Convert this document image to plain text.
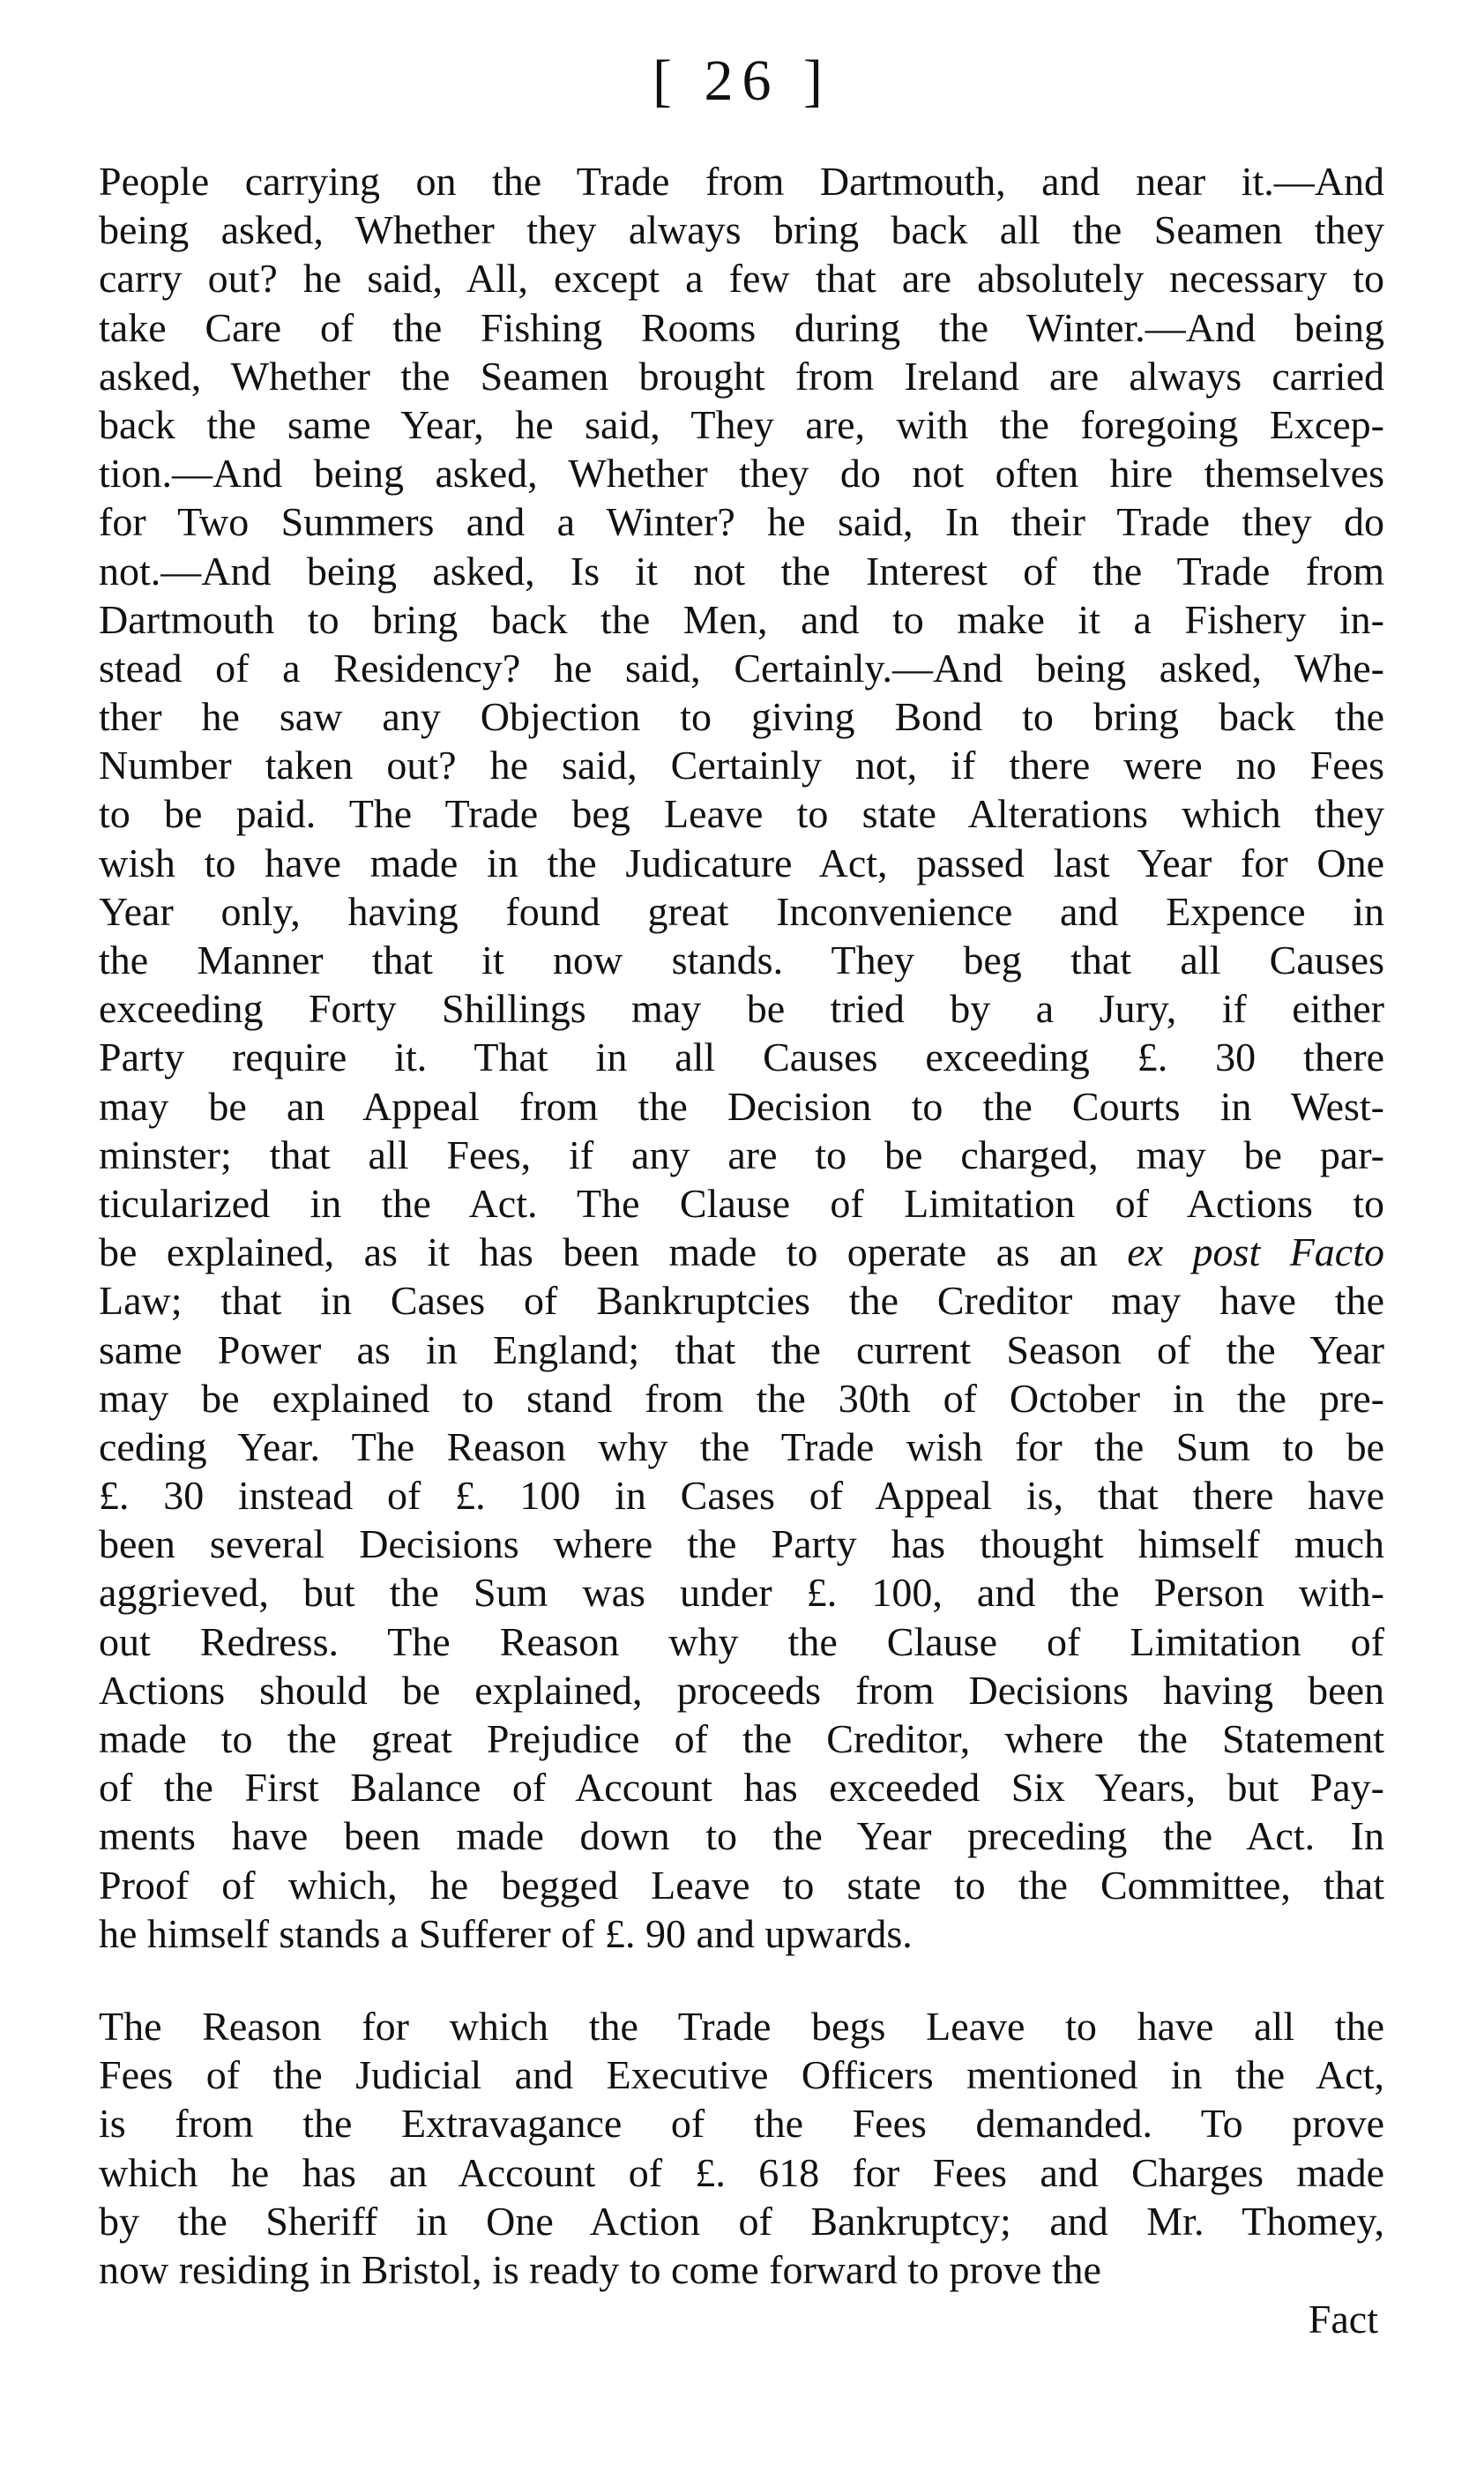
[ 26 ]
People carrying on the Trade from Dartmouth, and near it.—And
being asked, Whether they always bring back all the Seamen they
carry out? he said, All, except a few that are absolutely necessary to
take Care of the Fishing Rooms during the Winter.—And being
asked, Whether the Seamen brought from Ireland are always carried
back the same Year, he said, They are, with the foregoing Excep-
tion.—And being asked, Whether they do not often hire themselves
for Two Summers and a Winter? he said, In their Trade they do
not.—And being asked, Is it not the Interest of the Trade from
Dartmouth to bring back the Men, and to make it a Fishery in-
stead of a Residency? he said, Certainly.—And being asked, Whe-
ther he saw any Objection to giving Bond to bring back the
Number taken out? he said, Certainly not, if there were no Fees
to be paid. The Trade beg Leave to state Alterations which they
wish to have made in the Judicature Act, passed last Year for One
Year only, having found great Inconvenience and Expence in
the Manner that it now stands. They beg that all Causes
exceeding Forty Shillings may be tried by a Jury, if either
Party require it. That in all Causes exceeding £. 30 there
may be an Appeal from the Decision to the Courts in West-
minster; that all Fees, if any are to be charged, may be par-
ticularized in the Act. The Clause of Limitation of Actions to
be explained, as it has been made to operate as an ex post Facto
Law; that in Cases of Bankruptcies the Creditor may have the
same Power as in England; that the current Season of the Year
may be explained to stand from the 30th of October in the pre-
ceding Year. The Reason why the Trade wish for the Sum to be
£. 30 instead of £. 100 in Cases of Appeal is, that there have
been several Decisions where the Party has thought himself much
aggrieved, but the Sum was under £. 100, and the Person with-
out Redress. The Reason why the Clause of Limitation of
Actions should be explained, proceeds from Decisions having been
made to the great Prejudice of the Creditor, where the Statement
of the First Balance of Account has exceeded Six Years, but Pay-
ments have been made down to the Year preceding the Act. In
Proof of which, he begged Leave to state to the Committee, that
he himself stands a Sufferer of £. 90 and upwards.
The Reason for which the Trade begs Leave to have all the
Fees of the Judicial and Executive Officers mentioned in the Act,
is from the Extravagance of the Fees demanded. To prove
which he has an Account of £. 618 for Fees and Charges made
by the Sheriff in One Action of Bankruptcy; and Mr. Thomey,
now residing in Bristol, is ready to come forward to prove the
Fact
